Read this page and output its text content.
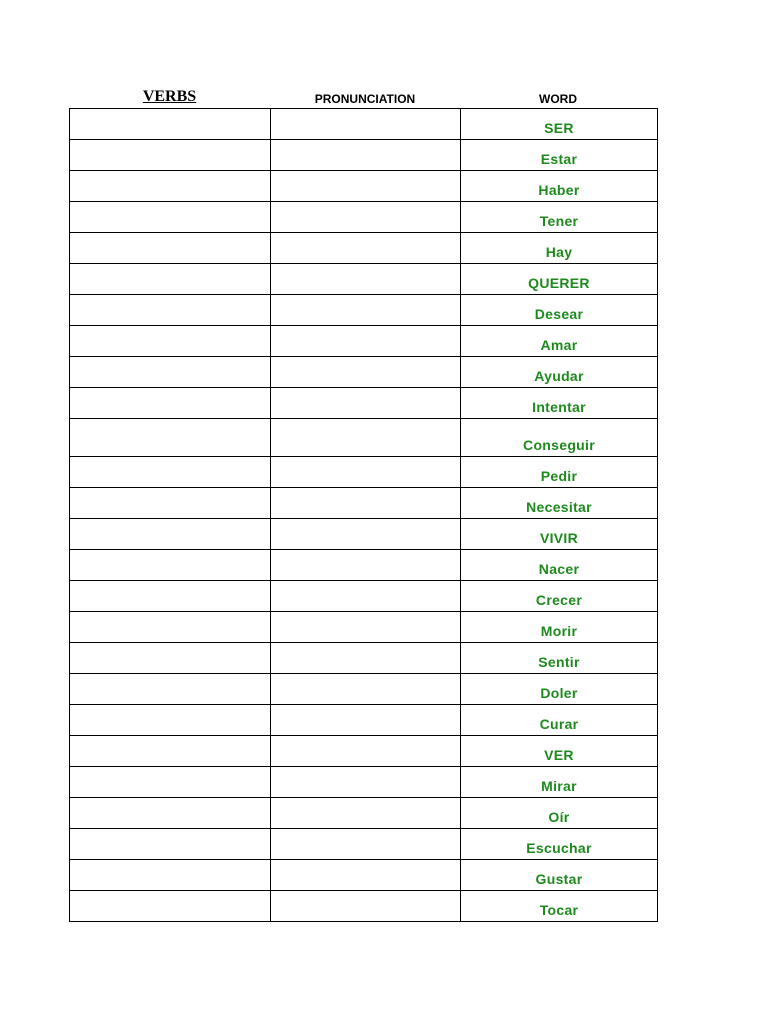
VERBS	PRONUNCIATION	WORD
		SER
		Estar
		Haber
		Tener
		Hay
		QUERER
		Desear
		Amar
		Ayudar
		Intentar
		Conseguir
		Pedir
		Necesitar
		VIVIR
		Nacer
		Crecer
		Morir
		Sentir
		Doler
		Curar
		VER
		Mirar
		Oír
		Escuchar
		Gustar
		Tocar
